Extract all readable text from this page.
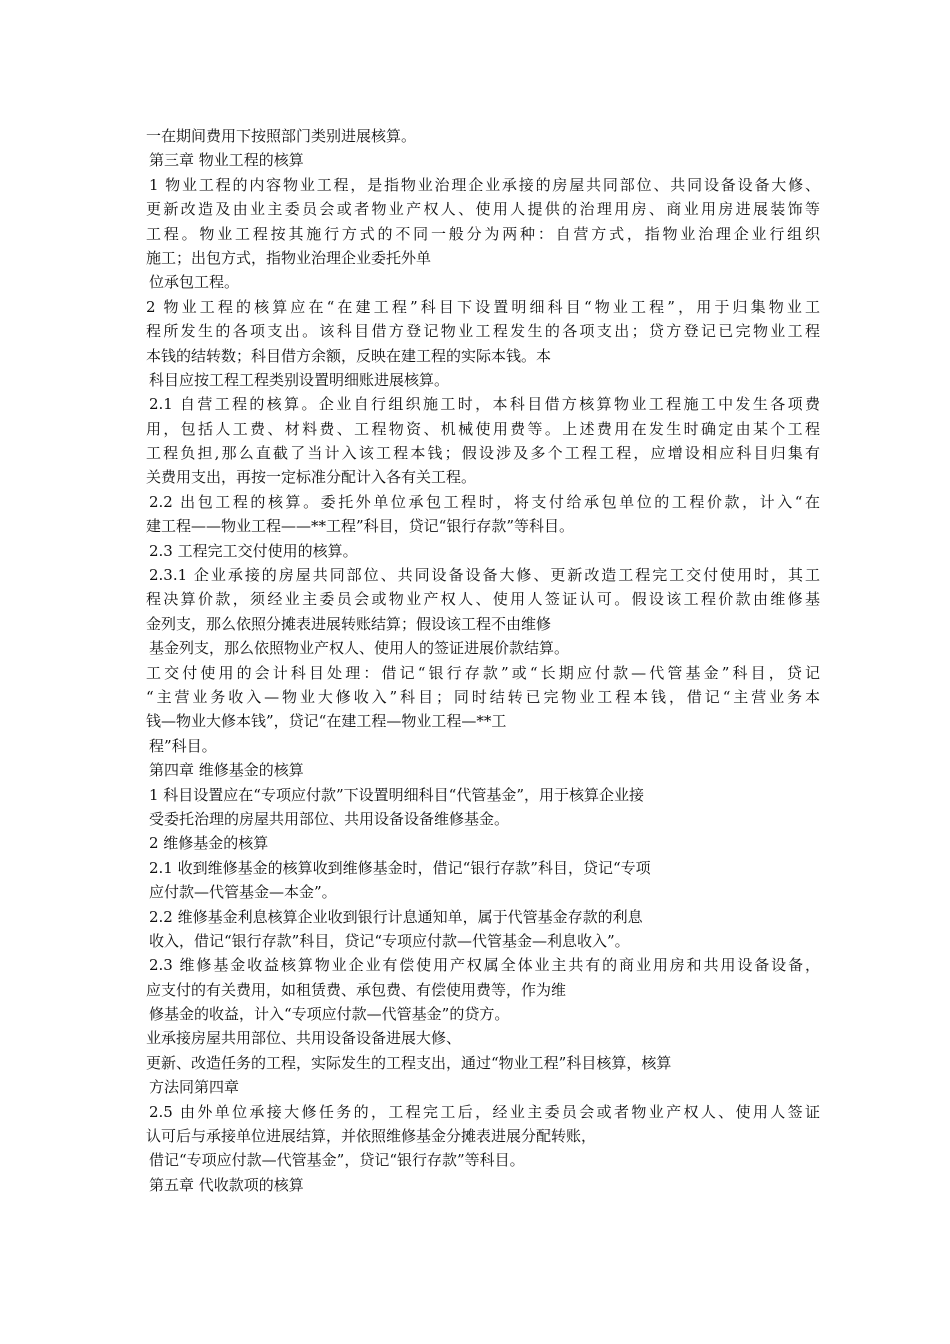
一在期间费用下按照部门类别进展核算。
第三章 物业工程的核算
1 物业工程的内容物业工程，是指物业治理企业承接的房屋共同部位、共同设备设备大修、
更新改造及由业主委员会或者物业产权人、使用人提供的治理用房、商业用房进展装饰等
工程。物业工程按其施行方式的不同一般分为两种：自营方式，指物业治理企业行组织
施工；出包方式，指物业治理企业委托外单
位承包工程。
2 物业工程的核算应在“在建工程”科目下设置明细科目“物业工程”，用于归集物业工
程所发生的各项支出。该科目借方登记物业工程发生的各项支出；贷方登记已完物业工程
本钱的结转数；科目借方余额，反映在建工程的实际本钱。本
科目应按工程工程类别设置明细账进展核算。
2.1 自营工程的核算。企业自行组织施工时，本科目借方核算物业工程施工中发生各项费
用，包括人工费、材料费、工程物资、机械使用费等。上述费用在发生时确定由某个工程
工程负担,那么直截了当计入该工程本钱；假设涉及多个工程工程，应增设相应科目归集有
关费用支出，再按一定标准分配计入各有关工程。
2.2 出包工程的核算。委托外单位承包工程时，将支付给承包单位的工程价款，计入“在
建工程——物业工程——**工程”科目，贷记“银行存款”等科目。
2.3 工程完工交付使用的核算。
2.3.1 企业承接的房屋共同部位、共同设备设备大修、更新改造工程完工交付使用时，其工
程决算价款，须经业主委员会或物业产权人、使用人签证认可。假设该工程价款由维修基
金列支，那么依照分摊表进展转账结算；假设该工程不由维修
基金列支，那么依照物业产权人、使用人的签证进展价款结算。
工交付使用的会计科目处理：借记“银行存款”或“长期应付款—代管基金”科目，贷记
“主营业务收入—物业大修收入”科目；同时结转已完物业工程本钱，借记“主营业务本
钱—物业大修本钱”，贷记“在建工程—物业工程—**工
程”科目。
第四章 维修基金的核算
1 科目设置应在“专项应付款”下设置明细科目“代管基金”，用于核算企业接
受委托治理的房屋共用部位、共用设备设备维修基金。
2 维修基金的核算
2.1 收到维修基金的核算收到维修基金时，借记“银行存款”科目，贷记“专项
应付款—代管基金—本金”。
2.2 维修基金利息核算企业收到银行计息通知单，属于代管基金存款的利息
收入，借记“银行存款”科目，贷记“专项应付款—代管基金—利息收入”。
2.3 维修基金收益核算物业企业有偿使用产权属全体业主共有的商业用房和共用设备设备，
应支付的有关费用，如租赁费、承包费、有偿使用费等，作为维
修基金的收益，计入“专项应付款—代管基金”的贷方。
业承接房屋共用部位、共用设备设备进展大修、
更新、改造任务的工程，实际发生的工程支出，通过“物业工程”科目核算，核算
方法同第四章
2.5 由外单位承接大修任务的，工程完工后，经业主委员会或者物业产权人、使用人签证
认可后与承接单位进展结算，并依照维修基金分摊表进展分配转账，
借记“专项应付款—代管基金”，贷记“银行存款”等科目。
第五章 代收款项的核算
